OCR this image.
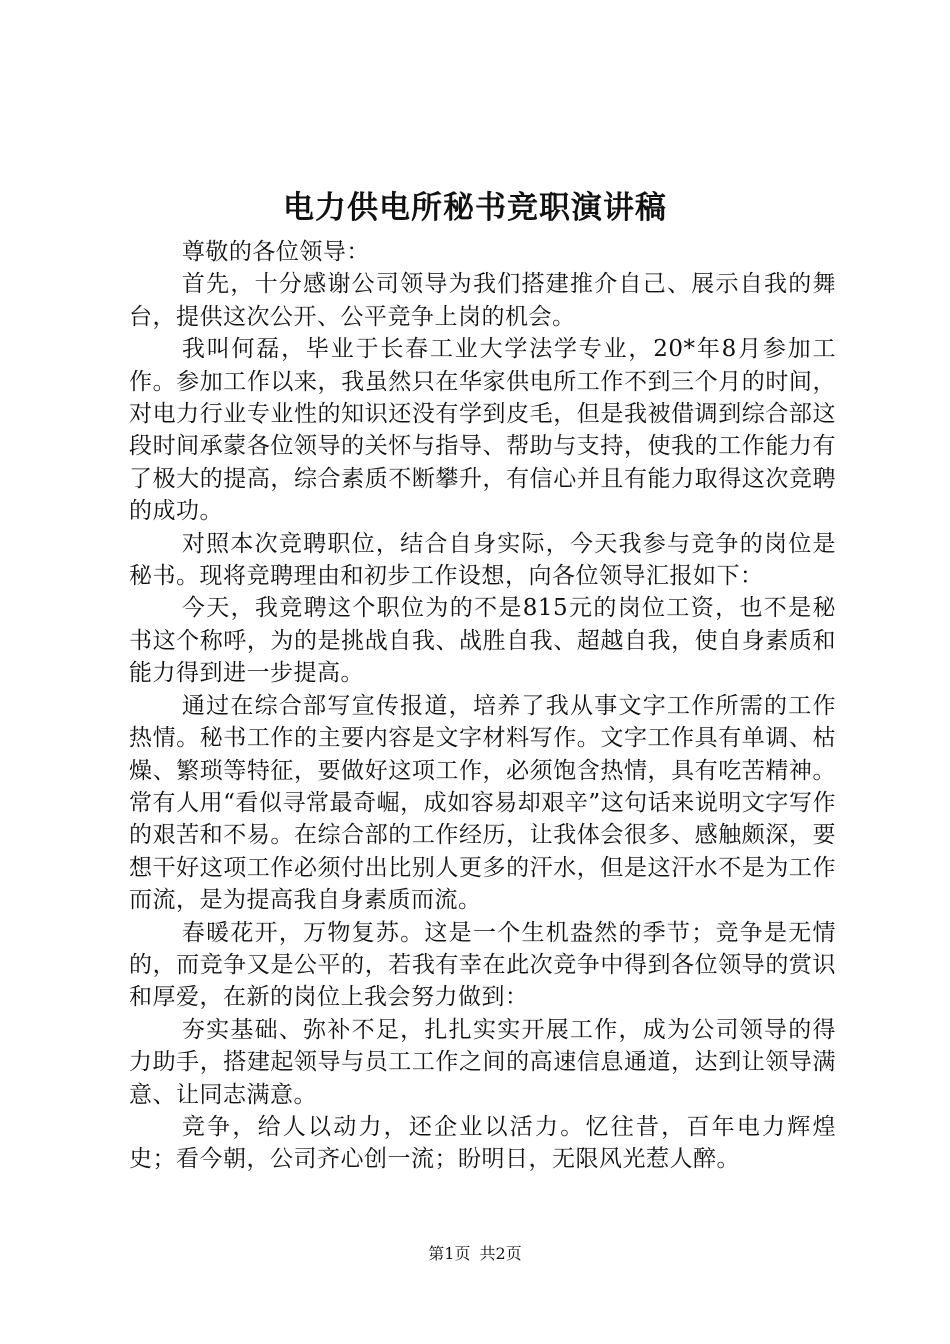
电力供电所秘书竞职演讲稿

尊敬的各位领导：

首先，十分感谢公司领导为我们搭建推介自己、展示自我的舞台，提供这次公开、公平竞争上岗的机会。

我叫何磊，毕业于长春工业大学法学专业，20*年8月参加工作。参加工作以来，我虽然只在华家供电所工作不到三个月的时间，对电力行业专业性的知识还没有学到皮毛，但是我被借调到综合部这段时间承蒙各位领导的关怀与指导、帮助与支持，使我的工作能力有了极大的提高，综合素质不断攀升，有信心并且有能力取得这次竞聘的成功。

对照本次竞聘职位，结合自身实际，今天我参与竞争的岗位是秘书。现将竞聘理由和初步工作设想，向各位领导汇报如下：

今天，我竞聘这个职位为的不是815元的岗位工资，也不是秘书这个称呼，为的是挑战自我、战胜自我、超越自我，使自身素质和能力得到进一步提高。

通过在综合部写宣传报道，培养了我从事文字工作所需的工作热情。秘书工作的主要内容是文字材料写作。文字工作具有单调、枯燥、繁琐等特征，要做好这项工作，必须饱含热情，具有吃苦精神。常有人用“看似寻常最奇崛，成如容易却艰辛”这句话来说明文字写作的艰苦和不易。在综合部的工作经历，让我体会很多、感触颇深，要想干好这项工作必须付出比别人更多的汗水，但是这汗水不是为工作而流，是为提高我自身素质而流。

春暖花开，万物复苏。这是一个生机盎然的季节；竞争是无情的，而竞争又是公平的，若我有幸在此次竞争中得到各位领导的赏识和厚爱，在新的岗位上我会努力做到：

夯实基础、弥补不足，扎扎实实开展工作，成为公司领导的得力助手，搭建起领导与员工工作之间的高速信息通道，达到让领导满意、让同志满意。

竞争，给人以动力，还企业以活力。忆往昔，百年电力辉煌史；看今朝，公司齐心创一流；盼明日，无限风光惹人醉。

第1页 共2页
